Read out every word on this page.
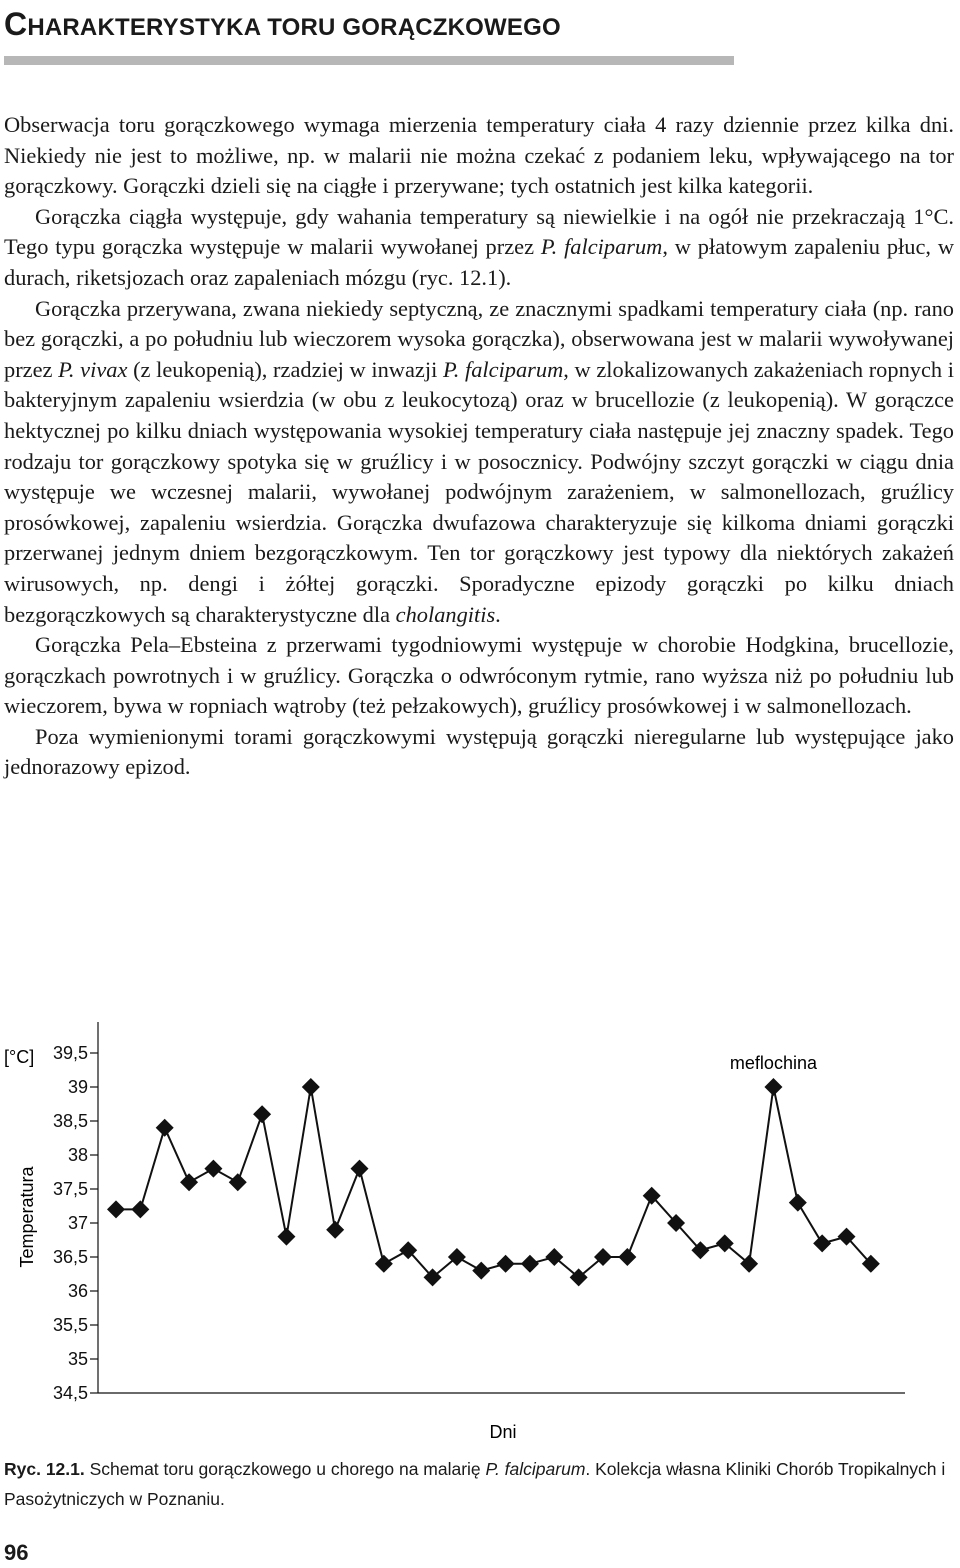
CHARAKTERYSTYKA TORU GORĄCZKOWEGO

Obserwacja toru gorączkowego wymaga mierzenia temperatury ciała 4 razy dziennie przez kilka dni. Niekiedy nie jest to możliwe, np. w malarii nie można czekać z podaniem leku, wpływającego na tor gorączkowy. Gorączki dzieli się na ciągłe i przerywane; tych ostatnich jest kilka kategorii.

Gorączka ciągła występuje, gdy wahania temperatury są niewielkie i na ogół nie przekraczają 1°C. Tego typu gorączka występuje w malarii wywołanej przez P. falciparum, w płatowym zapaleniu płuc, w durach, riketsjozach oraz zapaleniach mózgu (ryc. 12.1).

Gorączka przerywana, zwana niekiedy septyczną, ze znacznymi spadkami temperatury ciała (np. rano bez gorączki, a po południu lub wieczorem wysoka gorączka), obserwowana jest w malarii wywoływanej przez P. vivax (z leukopenią), rzadziej w inwazji P. falciparum, w zlokalizowanych zakażeniach ropnych i bakteryjnym zapaleniu wsierdzia (w obu z leukocytozą) oraz w brucellozie (z leukopenią). W gorączce hektycznej po kilku dniach występowania wysokiej temperatury ciała następuje jej znaczny spadek. Tego rodzaju tor gorączkowy spotyka się w gruźlicy i w posocznicy. Podwójny szczyt gorączki w ciągu dnia występuje we wczesnej malarii, wywołanej podwójnym zarażeniem, w salmonellozach, gruźlicy prosówkowej, zapaleniu wsierdzia. Gorączka dwufazowa charakteryzuje się kilkoma dniami gorączki przerwanej jednym dniem bezgorączkowym. Ten tor gorączkowy jest typowy dla niektórych zakażeń wirusowych, np. dengi i żółtej gorączki. Sporadyczne epizody gorączki po kilku dniach bezgorączkowych są charakterystyczne dla cholangitis.

Gorączka Pela–Ebsteina z przerwami tygodniowymi występuje w chorobie Hodgkina, brucellozie, gorączkach powrotnych i w gruźlicy. Gorączka o odwróconym rytmie, rano wyższa niż po południu lub wieczorem, bywa w ropniach wątroby (też pełzakowych), gruźlicy prosówkowej i w salmonellozach.

Poza wymienionymi torami gorączkowymi występują gorączki nieregularne lub występujące jako jednorazowy epizod.

39,5
39
38,5
38
37,5
37
36,5
36
35,5
35
34,5
[°C]
Temperatura
Dni
meflochina

Ryc. 12.1. Schemat toru gorączkowego u chorego na malarię P. falciparum. Kolekcja własna Kliniki Chorób Tropikalnych i Pasożytniczych w Poznaniu.

96
